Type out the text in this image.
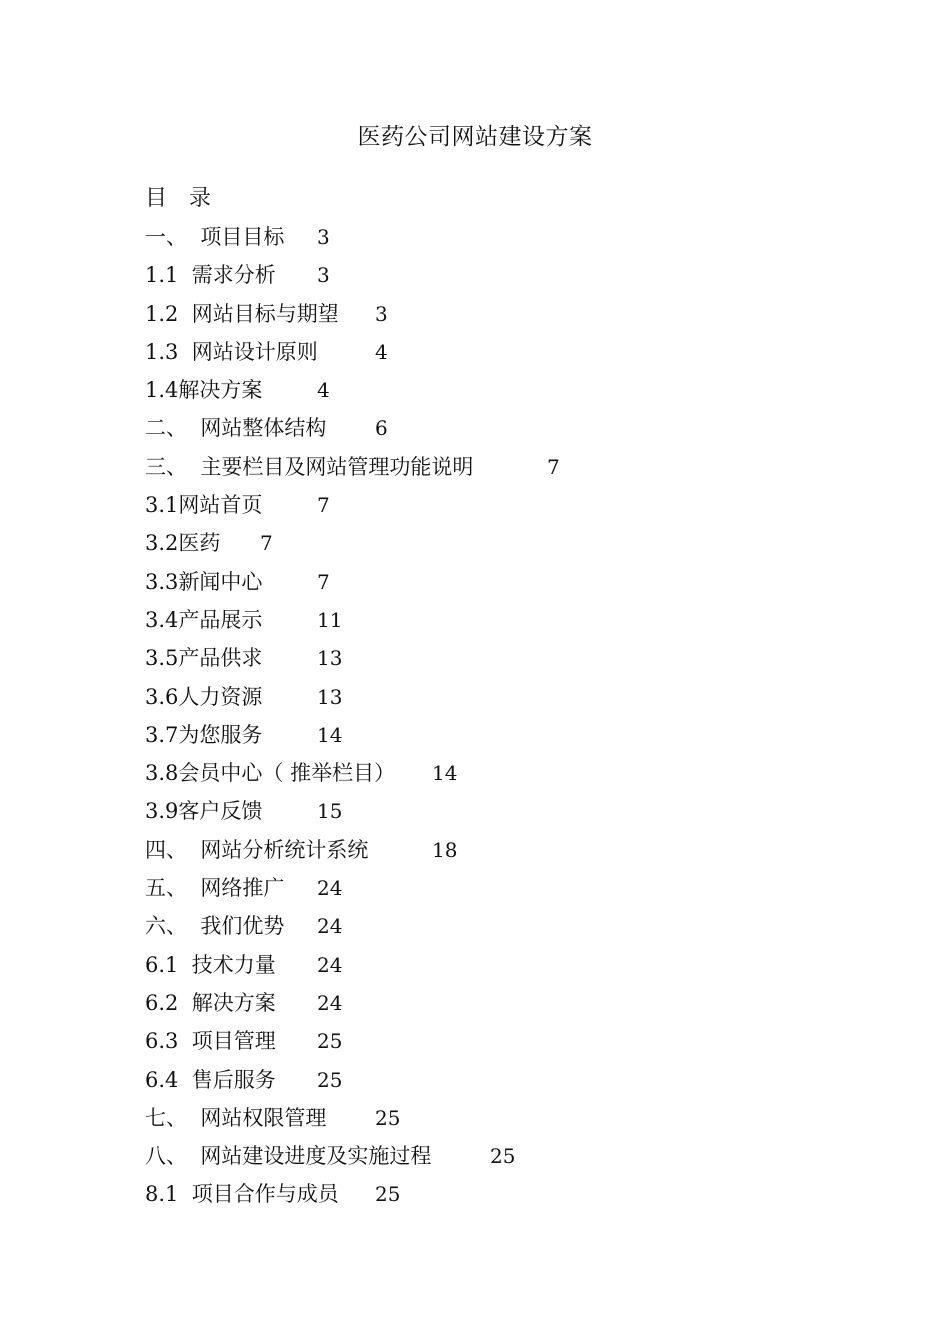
医药公司网站建设方案
目　录
一、  项目目标 3
1.1  需求分析 3
1.2  网站目标与期望 3
1.3  网站设计原则	4
1.4解决方案	4
二、  网站整体结构 6
三、  主要栏目及网站管理功能说明	7
3.1网站首页	7
3.2医药 7
3.3新闻中心	7
3.4产品展示	11
3.5产品供求	13
3.6人力资源	13
3.7为您服务	14
3.8会员中心（ 推举栏目） 14
3.9客户反馈	15
四、  网站分析统计系统	18
五、  网络推广 24
六、  我们优势 24
6.1  技术力量 24
6.2  解决方案 24
6.3  项目管理 25
6.4  售后服务 25
七、  网站权限管理 25
八、  网站建设进度及实施过程	25
8.1  项目合作与成员 25
